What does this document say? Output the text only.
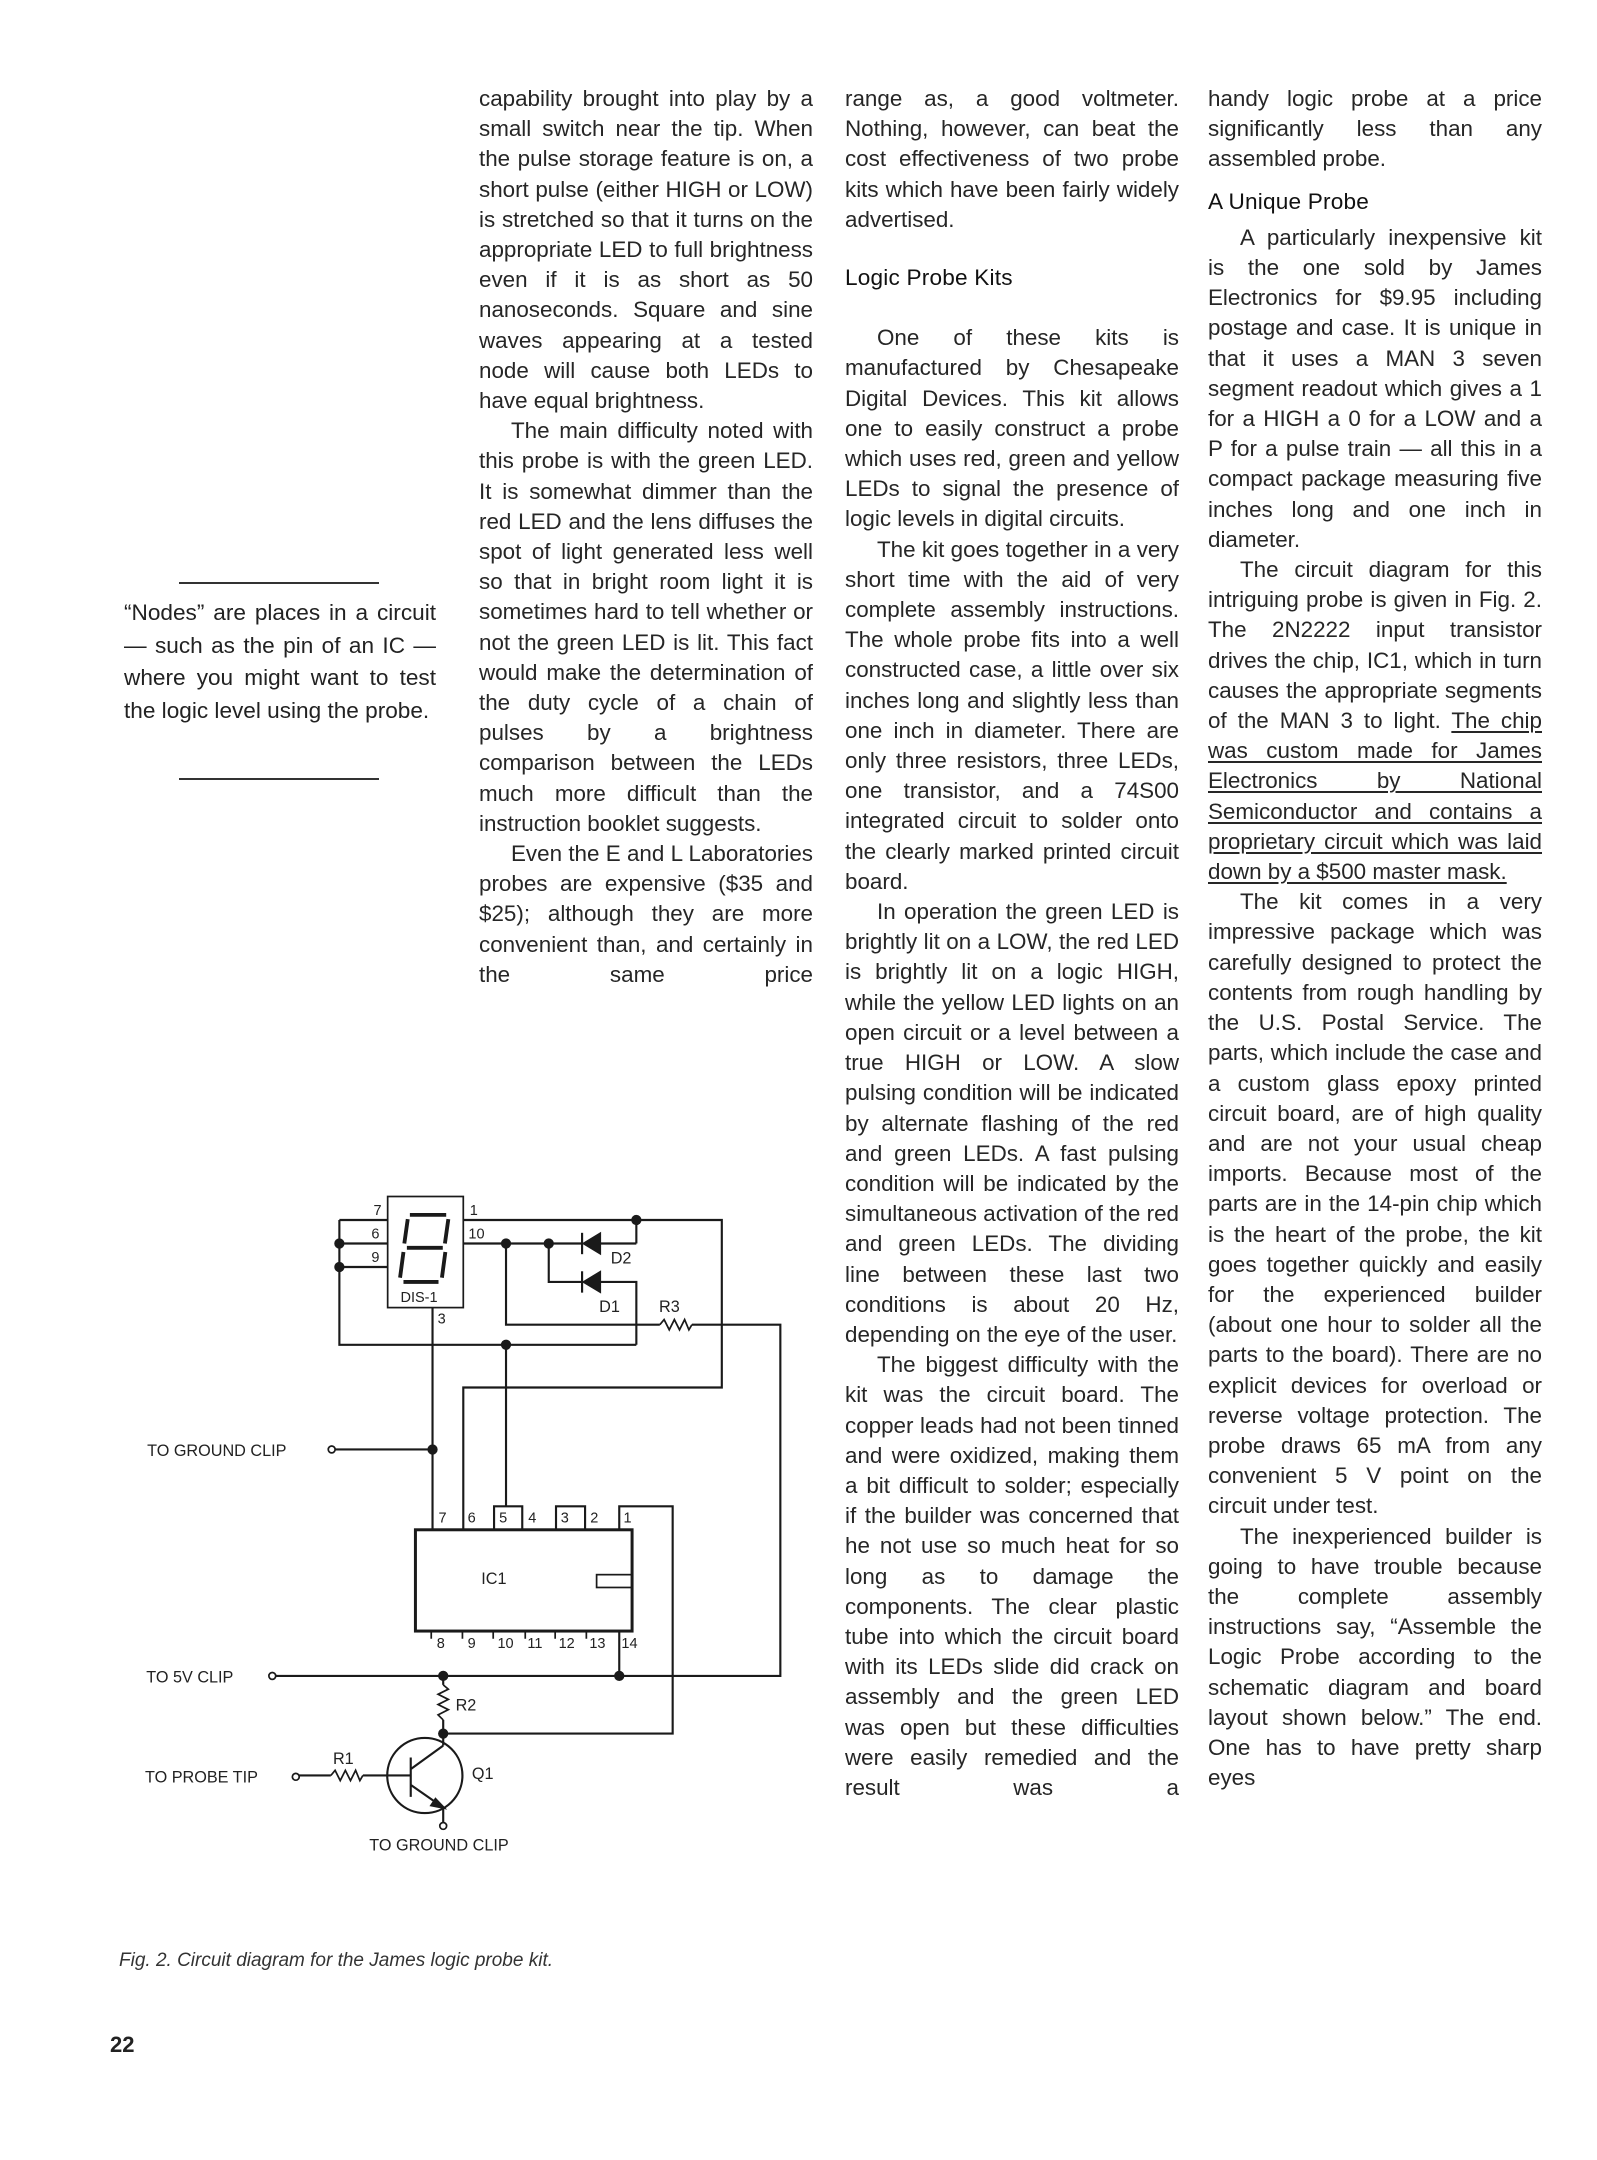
“Nodes” are places in a circuit — such as the pin of an IC — where you might want to test the logic level using the probe.

capability brought into play by a small switch near the tip. When the pulse storage feature is on, a short pulse (either HIGH or LOW) is stretched so that it turns on the appropriate LED to full brightness even if it is as short as 50 nanoseconds. Square and sine waves appearing at a tested node will cause both LEDs to have equal brightness.

The main difficulty noted with this probe is with the green LED. It is somewhat dimmer than the red LED and the lens diffuses the spot of light generated less well so that in bright room light it is sometimes hard to tell whether or not the green LED is lit. This fact would make the determination of the duty cycle of a chain of pulses by a brightness comparison between the LEDs much more difficult than the instruction booklet suggests.

Even the E and L Laboratories probes are expensive ($35 and $25); although they are more convenient than, and certainly in the same price

range as, a good voltmeter. Nothing, however, can beat the cost effectiveness of two probe kits which have been fairly widely advertised.

Logic Probe Kits

One of these kits is manufactured by Chesapeake Digital Devices. This kit allows one to easily construct a probe which uses red, green and yellow LEDs to signal the presence of logic levels in digital circuits.

The kit goes together in a very short time with the aid of very complete assembly instructions. The whole probe fits into a well constructed case, a little over six inches long and slightly less than one inch in diameter. There are only three resistors, three LEDs, one transistor, and a 74S00 integrated circuit to solder onto the clearly marked printed circuit board.

In operation the green LED is brightly lit on a LOW, the red LED is brightly lit on a logic HIGH, while the yellow LED lights on an open circuit or a level between a true HIGH or LOW. A slow pulsing condition will be indicated by alternate flashing of the red and green LEDs. A fast pulsing condition will be indicated by the simultaneous activation of the red and green LEDs. The dividing line between these last two conditions is about 20 Hz, depending on the eye of the user.

The biggest difficulty with the kit was the circuit board. The copper leads had not been tinned and were oxidized, making them a bit difficult to solder; especially if the builder was concerned that he not use so much heat for so long as to damage the components. The clear plastic tube into which the circuit board with its LEDs slide did crack on assembly and the green LED was open but these difficulties were easily remedied and the result was a

handy logic probe at a price significantly less than any assembled probe.

A Unique Probe

A particularly inexpensive kit is the one sold by James Electronics for $9.95 including postage and case. It is unique in that it uses a MAN 3 seven segment readout which gives a 1 for a HIGH a 0 for a LOW and a P for a pulse train — all this in a compact package measuring five inches long and one inch in diameter.

The circuit diagram for this intriguing probe is given in Fig. 2. The 2N2222 input transistor drives the chip, IC1, which in turn causes the appropriate segments of the MAN 3 to light. The chip was custom made for James Electronics by National Semiconductor and contains a proprietary circuit which was laid down by a $500 master mask.

The kit comes in a very impressive package which was carefully designed to protect the contents from rough handling by the U.S. Postal Service. The parts, which include the case and a custom glass epoxy printed circuit board, are of high quality and are not your usual cheap imports. Because most of the parts are in the 14-pin chip which is the heart of the probe, the kit goes together quickly and easily for the experienced builder (about one hour to solder all the parts to the board). There are no explicit devices for overload or reverse voltage protection. The probe draws 65 mA from any convenient 5 V point on the circuit under test.

The inexperienced builder is going to have trouble because the complete assembly instructions say, “Assemble the Logic Probe according to the schematic diagram and board layout shown below.” The end. One has to have pretty sharp eyes

7
6
9
1
10
3
DIS-1
D2
D1 R3
R2
R1
Q1
IC1
7 6 5 4 3 2 1
8 9 10 11 12 13 14
TO GROUND CLIP
TO 5V CLIP
TO PROBE TIP
TO GROUND CLIP
Fig. 2. Circuit diagram for the James logic probe kit.
22
